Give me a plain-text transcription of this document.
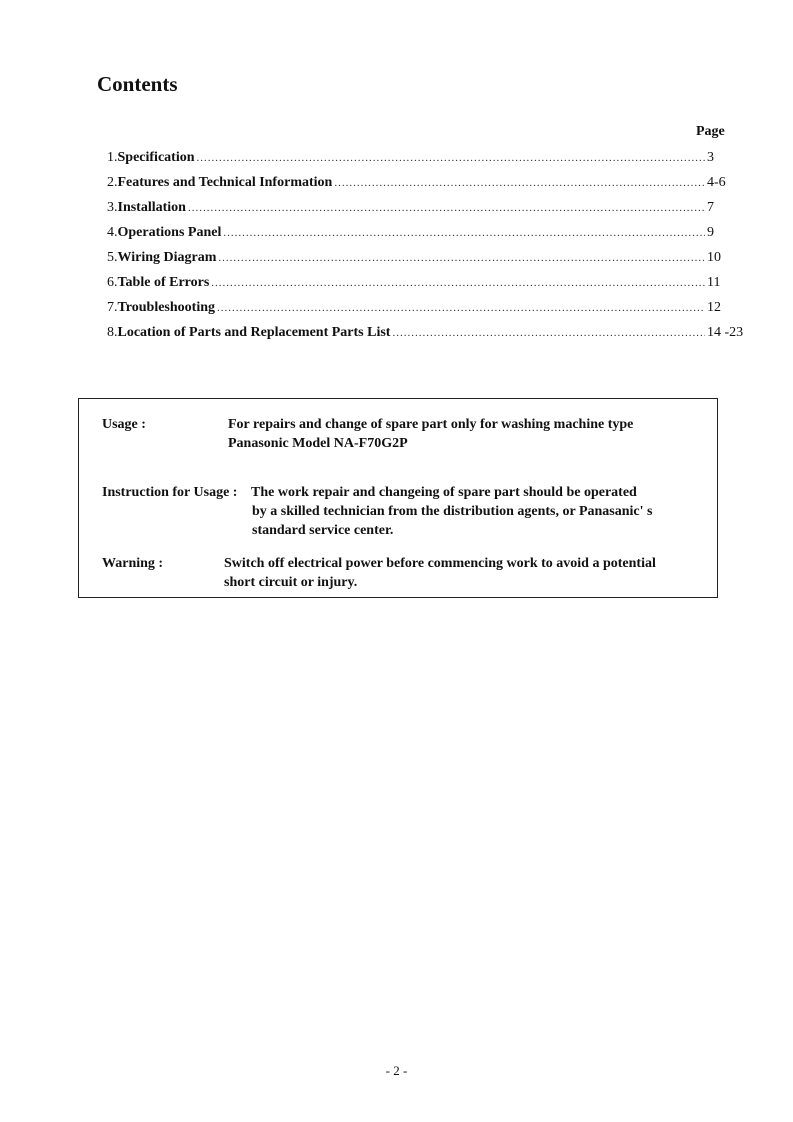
Contents
Page
1. Specification .....	3
2. Features and Technical Information .....	4-6
3. Installation .....	7
4. Operations Panel .....	9
5. Wiring Diagram .....	10
6. Table of Errors .....	11
7. Troubleshooting .....	12
8. Location of Parts and Replacement Parts List .....	14 -23
Usage :	For repairs and change of spare part only for washing machine type
Panasonic Model NA-F70G2P
Instruction for Usage : The work repair and changeing of spare part should be operated
by a skilled technician from the distribution agents, or Panasanic' s
standard service center.
Warning :	Switch off electrical power before commencing work to avoid a potential
short circuit or injury.
- 2 -
